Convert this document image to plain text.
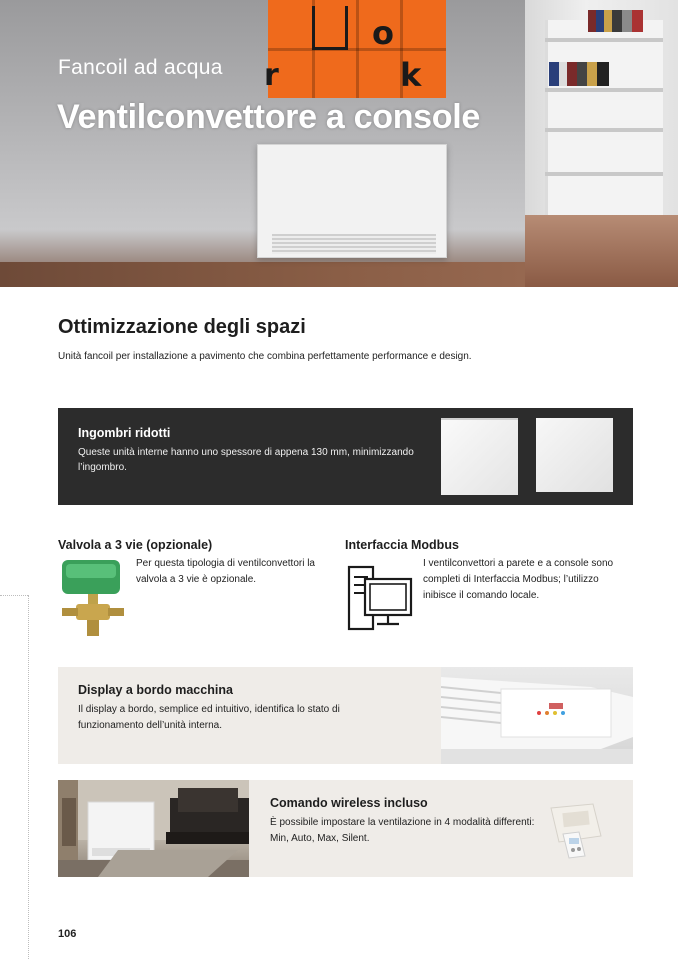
o
r	k
Fancoil ad acqua
Ventilconvettore a console
Ottimizzazione degli spazi

Unità fancoil per installazione a pavimento che combina perfettamente performance e design.

Ingombri ridotti
Queste unità interne hanno uno spessore di appena 130 mm, minimizzando l’ingombro.
Valvola a 3 vie (opzionale)
Per questa tipologia di ventilconvettori la valvola a 3 vie è opzionale.
Interfaccia Modbus
I ventilconvettori a parete e a console sono completi di Interfaccia Modbus; l’utilizzo inibisce il comando locale.
Display a bordo macchina
Il display a bordo, semplice ed intuitivo, identifica lo stato di funzionamento dell’unità interna.
Comando wireless incluso
È possibile impostare la ventilazione in 4 modalità differenti: Min, Auto, Max, Silent.
106
